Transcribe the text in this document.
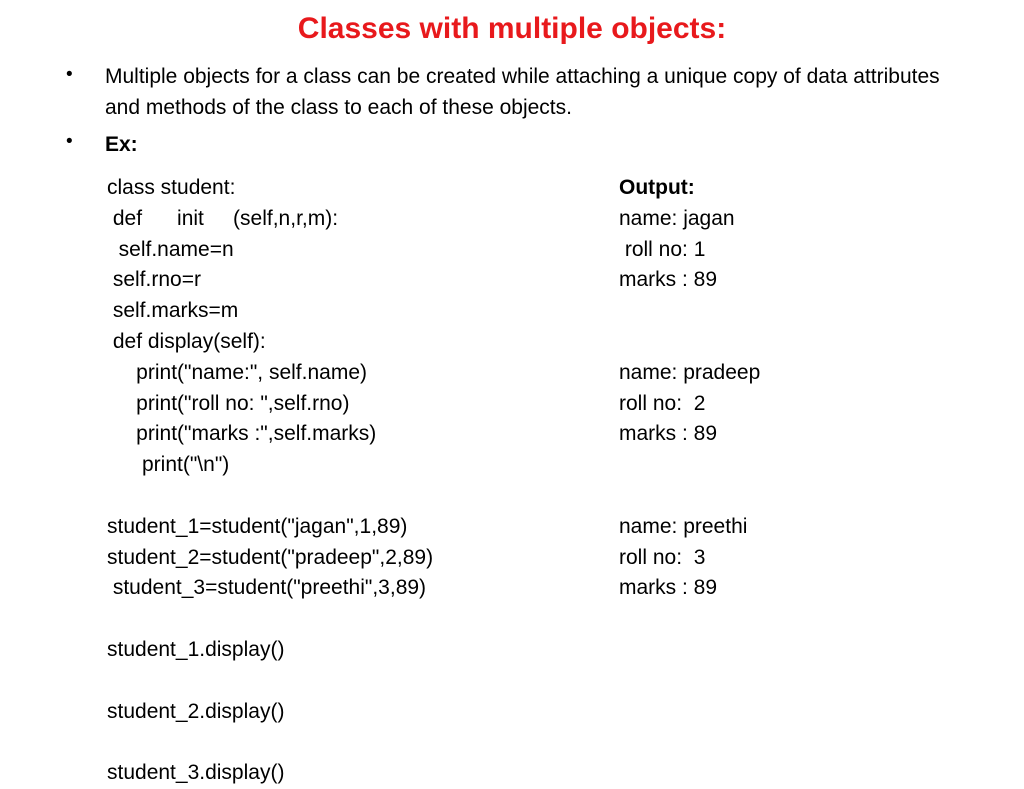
Classes with multiple objects:
• Multiple objects for a class can be created while attaching a unique copy of data attributes and methods of the class to each of these objects.
• Ex:
class student:
def      init     (self,n,r,m):
self.name=n
self.rno=r
self.marks=m
def display(self):
print("name:", self.name)
print("roll no: ",self.rno)
print("marks :",self.marks)
print("\n")
student_1=student("jagan",1,89)
student_2=student("pradeep",2,89)
student_3=student("preethi",3,89)
student_1.display()
student_2.display()
student_3.display()
Output:
name: jagan
roll no: 1
marks : 89
name: pradeep
roll no:  2
marks : 89
name: preethi
roll no:  3
marks : 89
